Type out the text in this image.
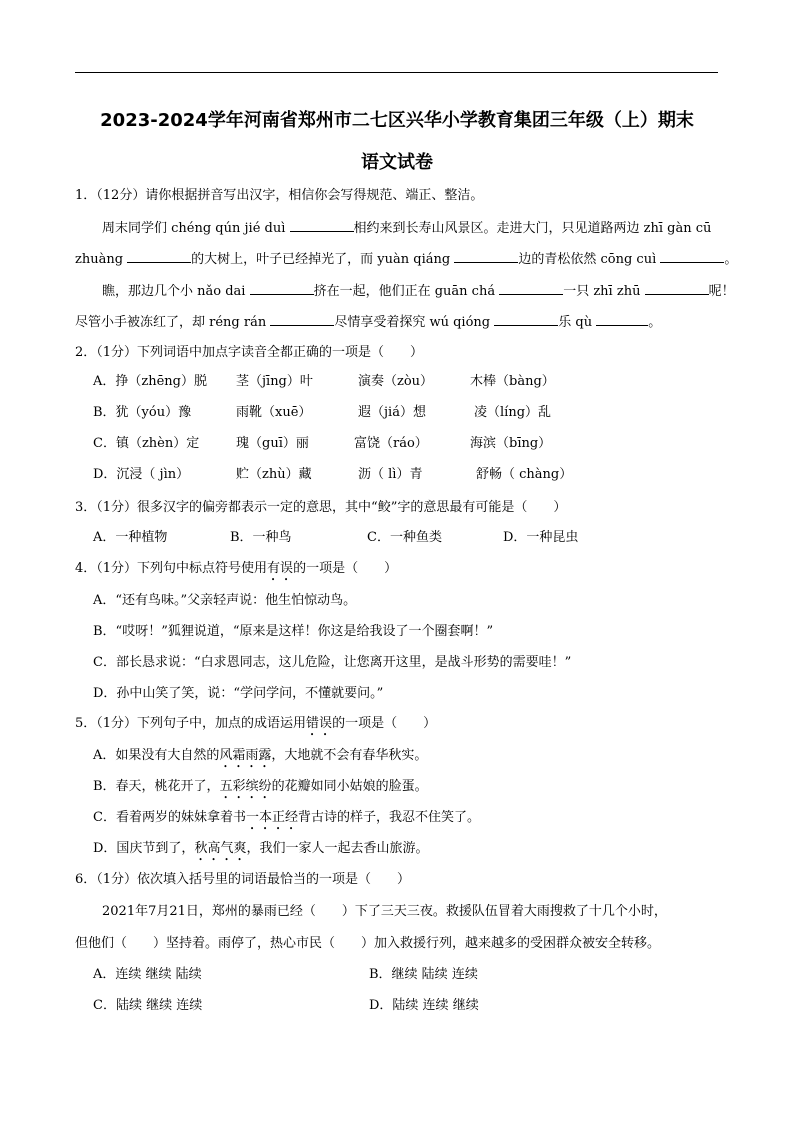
2023-2024学年河南省郑州市二七区兴华小学教育集团三年级（上）期末
语文试卷
1．（12分）请你根据拼音写出汉字，相信你会写得规范、端正、整洁。
周末同学们 chéng qún jié duì	相约来到长寿山风景区。走进大门，只见道路两边 zhī gàn cū
zhuàng	的大树上，叶子已经掉光了，而 yuàn qiáng	边的青松依然 cōng cuì	。
瞧，那边几个小 nǎo dai	挤在一起，他们正在 guān chá	一只 zhī zhū	呢！
尽管小手被冻红了，却 réng rán	尽情享受着探究 wú qióng	乐 qù	。
2．（1分）下列词语中加点字读音全都正确的一项是（　　）
A．挣（zhēng）脱 茎（jīng）叶	演奏（zòu）	木棒（bàng）
B．犹（yóu）豫	雨靴（xuē）	遐（jiá）想	凌（líng）乱
C．镇（zhèn）定	瑰（guī）丽	富饶（ráo）	海滨（bīng）
D．沉浸（ jìn）	贮（zhù）藏	沥（ lì）青	舒畅（ chàng）
3．（1分）很多汉字的偏旁都表示一定的意思，其中“鲛”字的意思最有可能是（　　）
A．一种植物	B．一种鸟	C．一种鱼类	D．一种昆虫
4．（1分）下列句中标点符号使用有误的一项是（　　）
A．“还有鸟味。”父亲轻声说：他生怕惊动鸟。
B．“哎呀！”狐狸说道，“原来是这样！你这是给我设了一个圈套啊！”
C．部长恳求说：“白求恩同志，这儿危险，让您离开这里，是战斗形势的需要哇！”
D．孙中山笑了笑，说：“学问学问，不懂就要问。”
5．（1分）下列句子中，加点的成语运用错误的一项是（　　）
A．如果没有大自然的风霜雨露，大地就不会有春华秋实。
B．春天，桃花开了，五彩缤纷的花瓣如同小姑娘的脸蛋。
C．看着两岁的妹妹拿着书一本正经背古诗的样子，我忍不住笑了。
D．国庆节到了，秋高气爽，我们一家人一起去香山旅游。
6．（1分）依次填入括号里的词语最恰当的一项是（　　）
2021年7月21日，郑州的暴雨已经（　　）下了三天三夜。救援队伍冒着大雨搜救了十几个小时，
但他们（　　）坚持着。雨停了，热心市民（　　）加入救援行列，越来越多的受困群众被安全转移。
A．连续 继续 陆续	B．继续 陆续 连续
C．陆续 继续 连续	D．陆续 连续 继续
